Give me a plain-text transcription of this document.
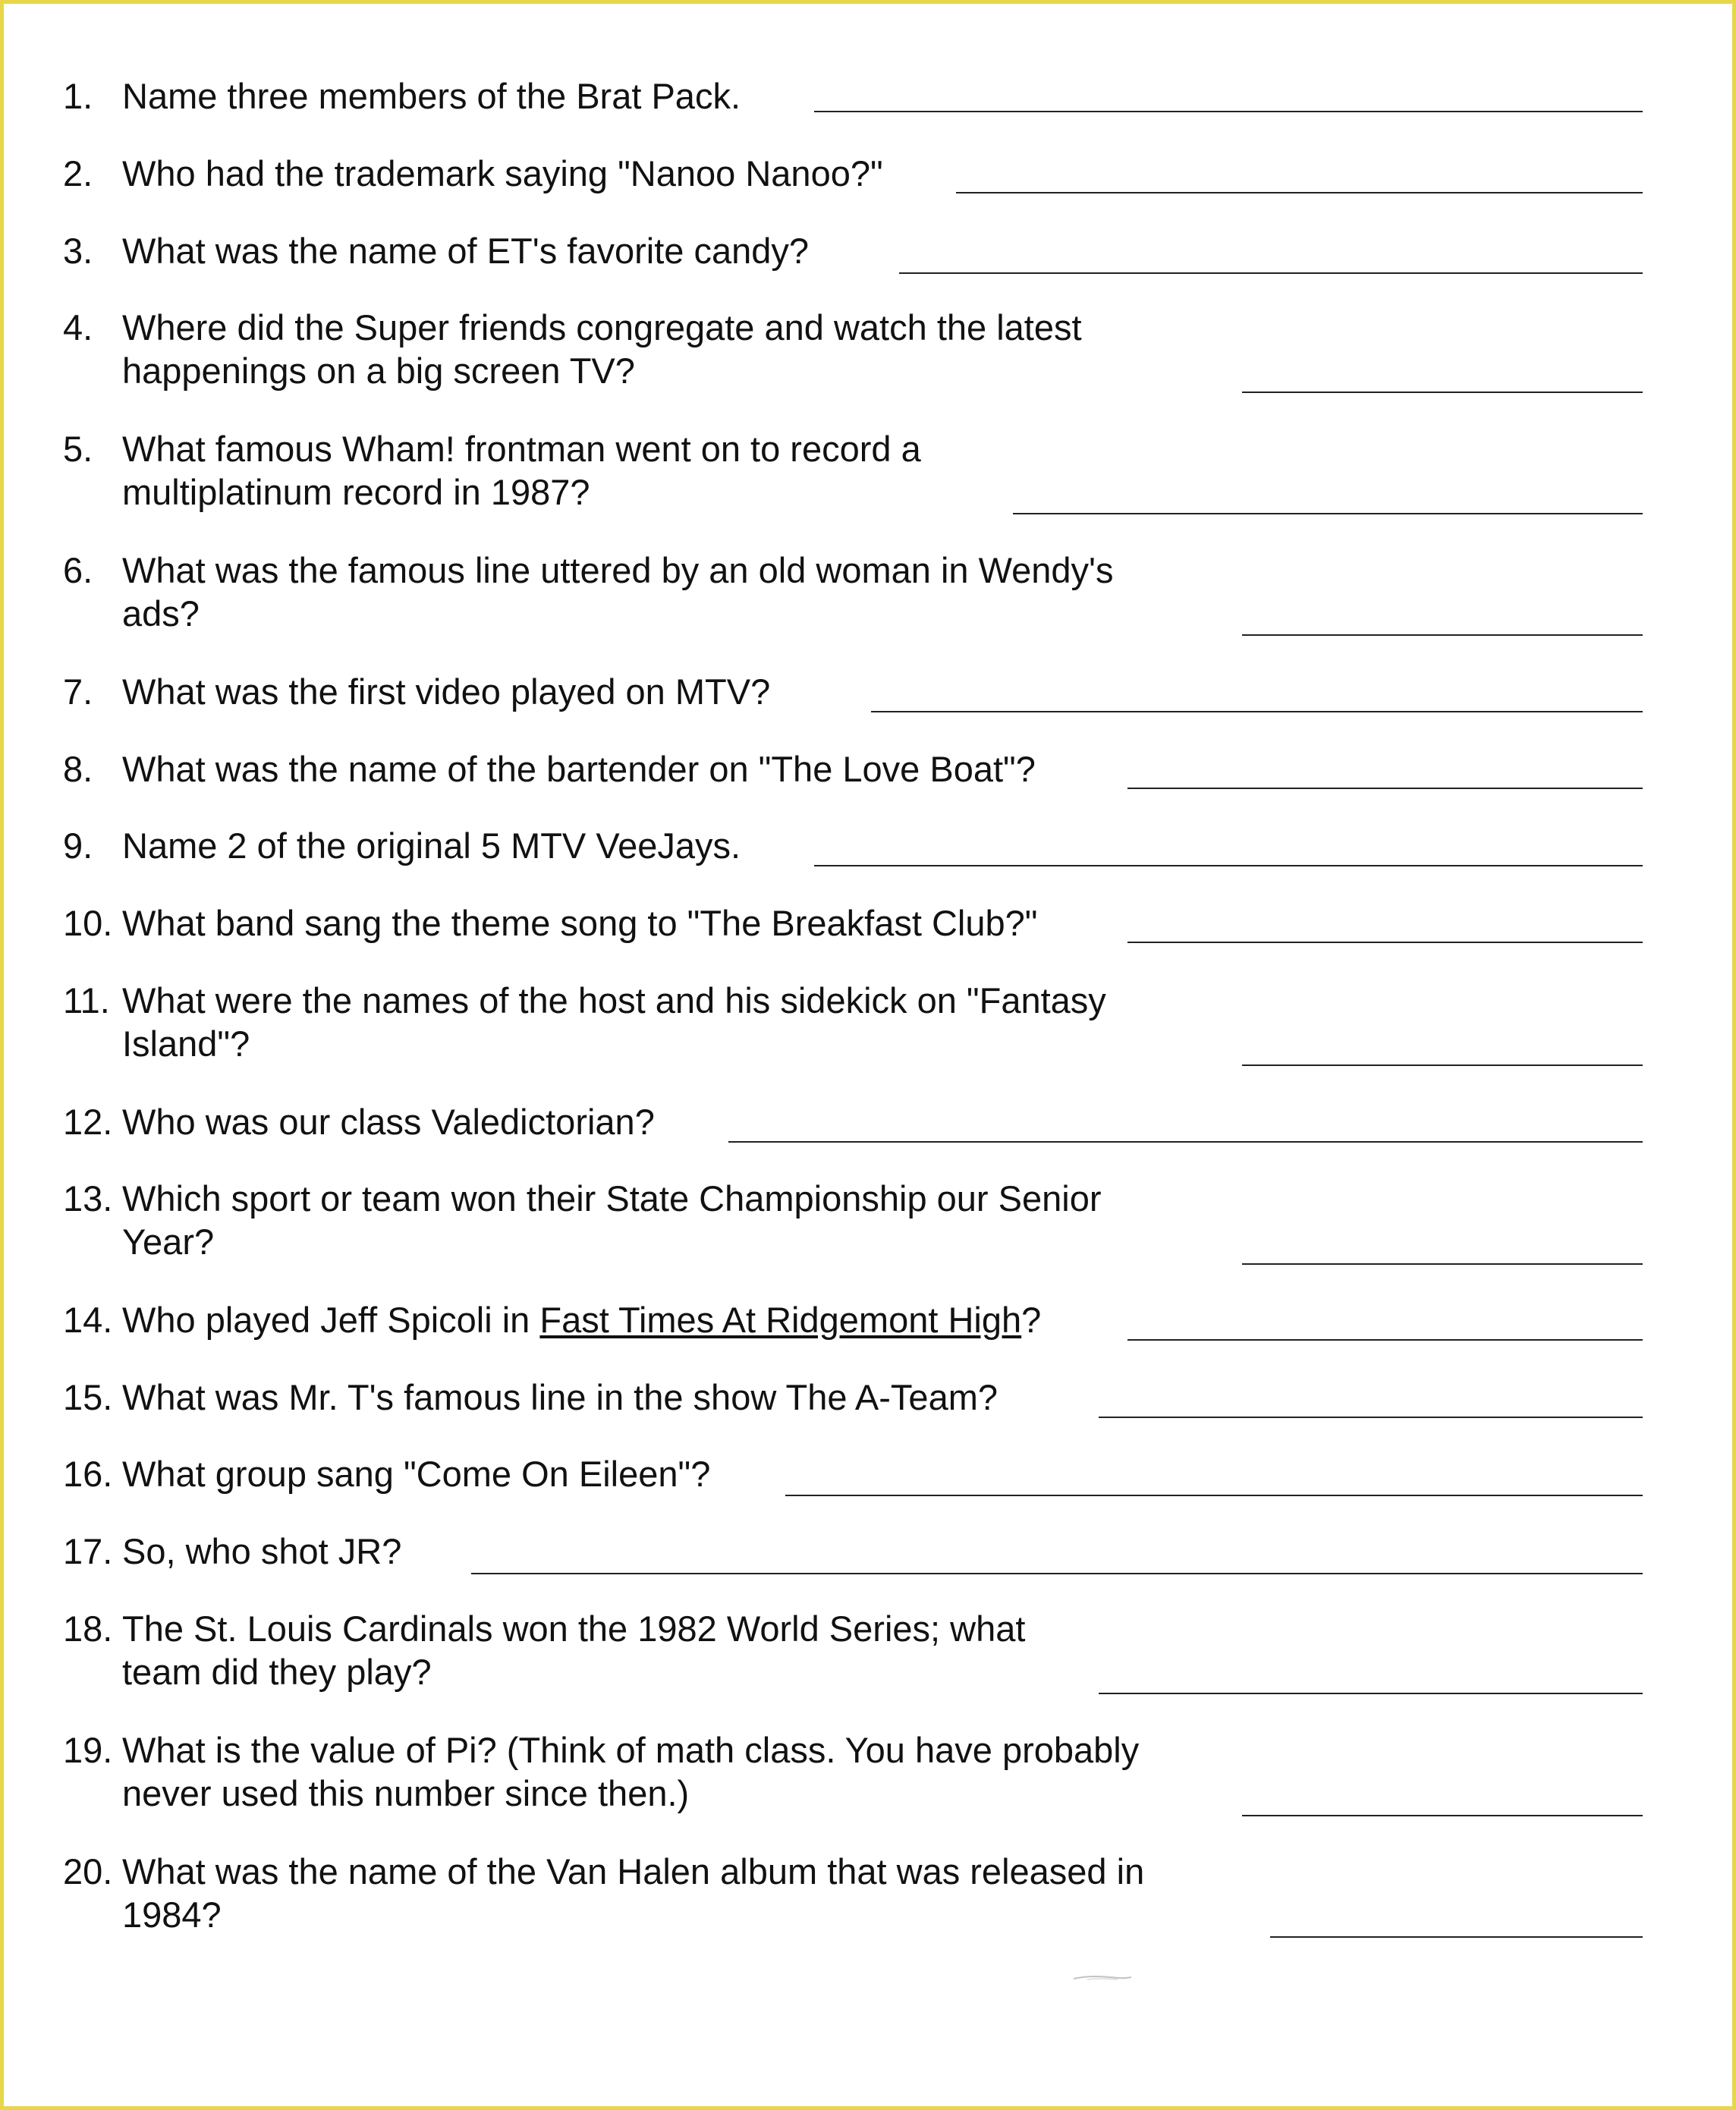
1. Name three members of the Brat Pack.
2. Who had the trademark saying "Nanoo Nanoo?"
3. What was the name of ET's favorite candy?
4. Where did the Super friends congregate and watch the latest
happenings on a big screen TV?
5. What famous Wham! frontman went on to record a
multiplatinum record in 1987?
6. What was the famous line uttered by an old woman in Wendy's
ads?
7. What was the first video played on MTV?
8. What was the name of the bartender on "The Love Boat"?
9. Name 2 of the original 5 MTV VeeJays.
10. What band sang the theme song to "The Breakfast Club?"
11. What were the names of the host and his sidekick on "Fantasy
Island"?
12. Who was our class Valedictorian?
13. Which sport or team won their State Championship our Senior
Year?
14. Who played Jeff Spicoli in Fast Times At Ridgemont High?
15. What was Mr. T's famous line in the show The A-Team?
16. What group sang "Come On Eileen"?
17. So, who shot JR?
18. The St. Louis Cardinals won the 1982 World Series; what
team did they play?
19. What is the value of Pi? (Think of math class. You have probably
never used this number since then.)
20. What was the name of the Van Halen album that was released in
1984?
